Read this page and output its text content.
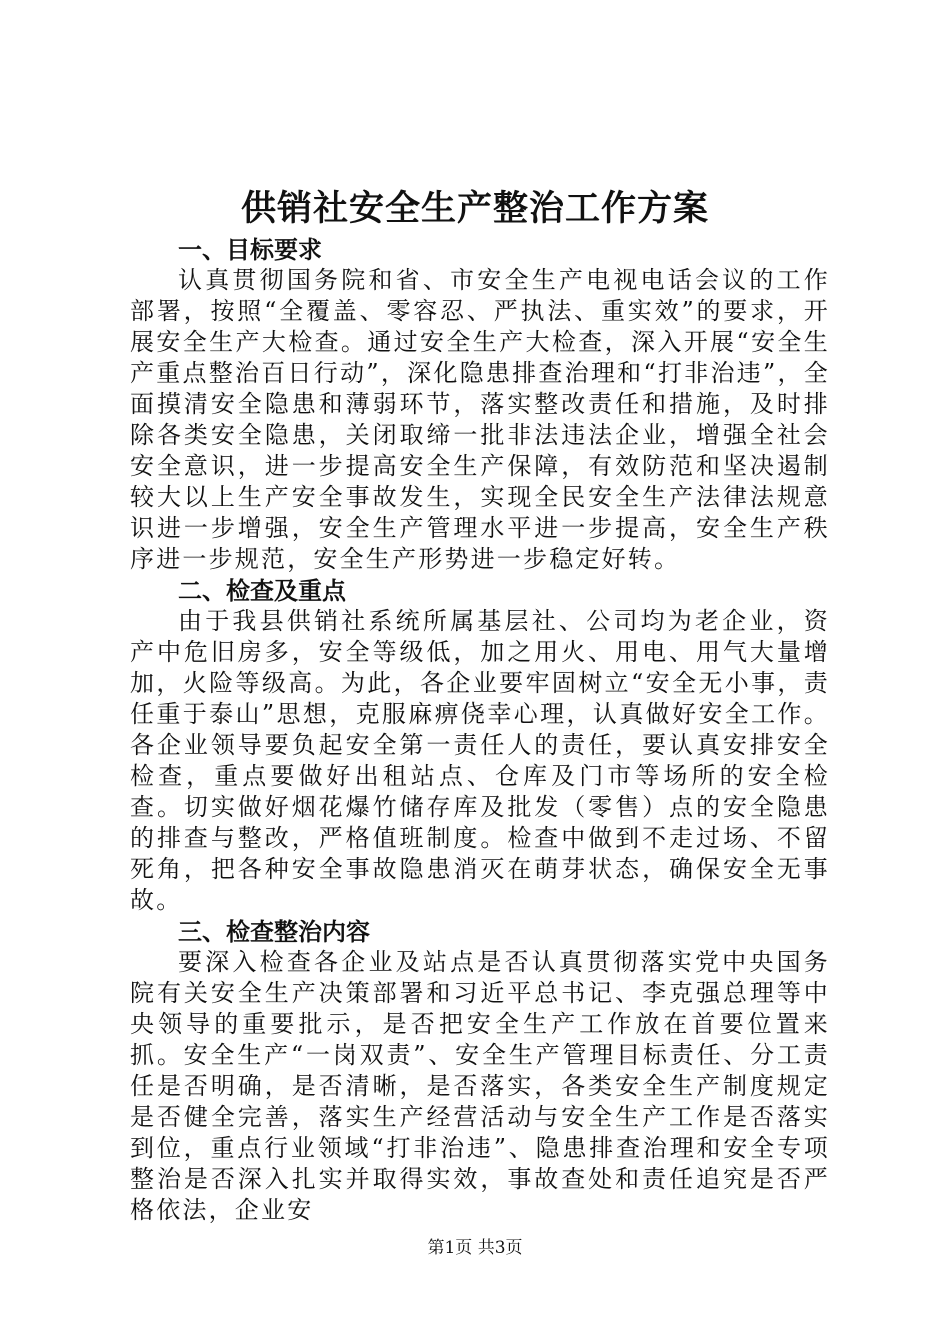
供销社安全生产整治工作方案
一、目标要求

认真贯彻国务院和省、市安全生产电视电话会议的工作部署，按照“全覆盖、零容忍、严执法、重实效”的要求，开展安全生产大检查。通过安全生产大检查，深入开展“安全生产重点整治百日行动”，深化隐患排查治理和“打非治违”，全面摸清安全隐患和薄弱环节，落实整改责任和措施，及时排除各类安全隐患，关闭取缔一批非法违法企业，增强全社会安全意识，进一步提高安全生产保障，有效防范和坚决遏制较大以上生产安全事故发生，实现全民安全生产法律法规意识进一步增强，安全生产管理水平进一步提高，安全生产秩序进一步规范，安全生产形势进一步稳定好转。

二、检查及重点

由于我县供销社系统所属基层社、公司均为老企业，资产中危旧房多，安全等级低，加之用火、用电、用气大量增加，火险等级高。为此，各企业要牢固树立“安全无小事，责任重于泰山”思想，克服麻痹侥幸心理，认真做好安全工作。各企业领导要负起安全第一责任人的责任，要认真安排安全检查，重点要做好出租站点、仓库及门市等场所的安全检查。切实做好烟花爆竹储存库及批发（零售）点的安全隐患的排查与整改，严格值班制度。检查中做到不走过场、不留死角，把各种安全事故隐患消灭在萌芽状态，确保安全无事故。

三、检查整治内容

要深入检查各企业及站点是否认真贯彻落实党中央国务院有关安全生产决策部署和习近平总书记、李克强总理等中央领导的重要批示，是否把安全生产工作放在首要位置来抓。安全生产“一岗双责”、安全生产管理目标责任、分工责任是否明确，是否清晰，是否落实，各类安全生产制度规定是否健全完善，落实生产经营活动与安全生产工作是否落实到位，重点行业领域“打非治违”、隐患排查治理和安全专项整治是否深入扎实并取得实效，事故查处和责任追究是否严格依法，企业安

第1页 共3页
